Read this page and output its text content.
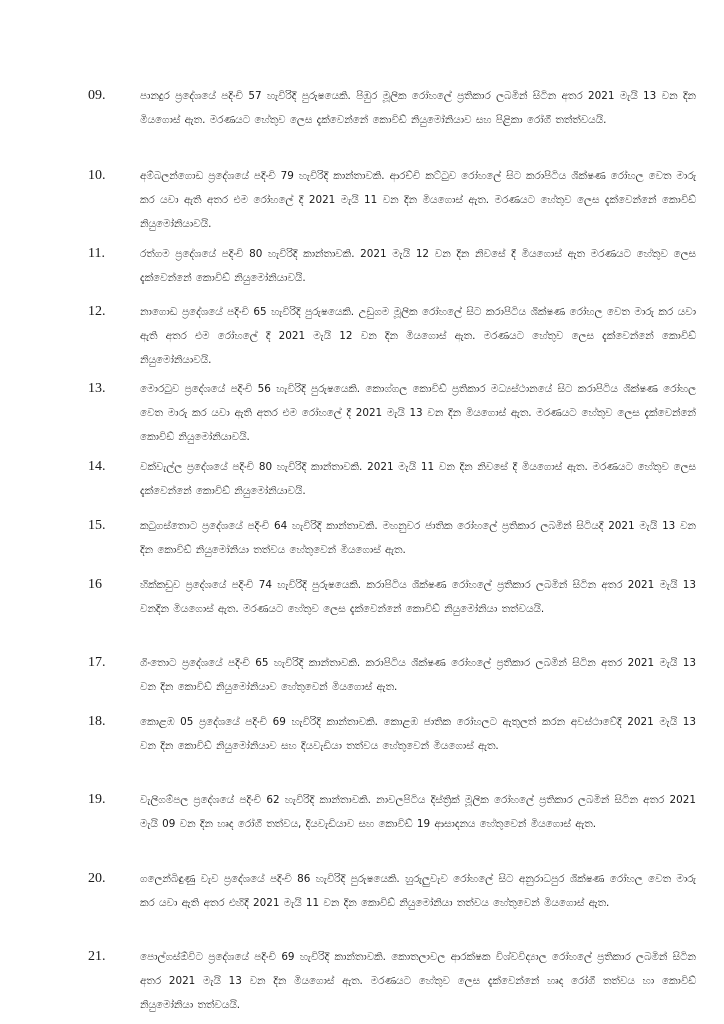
09.	පානදුර ප්‍රදේශයේ පදිංචි 57 හැවිරිදි පුරුෂයෙකි. පිඹුර මූලික රෝහලේ ප්‍රතිකාර ලබමින් සිටින අතර 2021 මැයි 13 වන දින මියගොස් ඇත. මරණයට හේතුව ලෙස දැක්වෙන්නේ කොවිඩ් නියුමෝනියාව සහ පිළිකා රෝගී තත්ත්වයයි.
10.	අම්බලන්ගොඩ ප්‍රදේශයේ පදිංචි 79 හැවිරිදි කාන්තාවකි. ආරච්චි කට්ටුව රෝහලේ සිට කරාපිටිය ශික්ෂණ රෝහල වෙත මාරු කර යවා ඇති අතර එම රෝහලේ දී 2021 මැයි 11 වන දින මියගොස් ඇත. මරණයට හේතුව ලෙස දැක්වෙන්නේ කොවිඩ් නියුමෝනියාවයි.
11.	රත්ගම ප්‍රදේශයේ පදිංචි 80 හැවිරිදි කාන්තාවකි. 2021 මැයි 12 වන දින නිවසේ දී මියගොස් ඇත මරණයට හේතුව ලෙස දැක්වෙන්නේ කොවිඩ් නියුමෝනියාවයි.
12.	නාගොඩ ප්‍රදේශයේ පදිංචි 65 හැවිරිදි පුරුෂයෙකි. උඩුගම මූලික රෝහලේ සිට කරාපිටිය ශික්ෂණ රෝහල වෙත මාරු කර යවා ඇති අතර එම රෝහලේ දී 2021 මැයි 12 වන දින මියගොස් ඇත. මරණයට හේතුව ලෙස දැක්වෙන්නේ කොවිඩ් නියුමෝනියාවයි.
13.	මොරටුව ප්‍රදේශයේ පදිංචි 56 හැවිරිදි පුරුෂයෙකි. කොග්ගල කොවිඩ් ප්‍රතිකාර මධ්‍යස්ථානයේ සිට කරාපිටිය ශික්ෂණ රෝහල වෙත මාරු කර යවා ඇති අතර එම රෝහලේ දී 2021 මැයි 13 වන දින මියගොස් ඇත. මරණයට හේතුව ලෙස දැක්වෙන්නේ කොවිඩ් නියුමෝනියාවයි.
14.	වක්වැල්ල ප්‍රදේශයේ පදිංචි 80 හැවිරිදි කාන්තාවකි. 2021 මැයි 11 වන දින නිවසේ දී මියගොස් ඇත. මරණයට හේතුව ලෙස දැක්වෙන්නේ කොවිඩ් නියුමෝනියාවයි.
15.	කටුගස්තොට ප්‍රදේශයේ පදිංචි 64 හැවිරිදි කාන්තාවකි. මහනුවර ජාතික රෝහලේ ප්‍රතිකාර ලබමින් සිටියදී 2021 මැයි 13 වන දින කොවිඩ් නියුමෝනියා තත්වය හේතුවෙන් මියගොස් ඇත.
16	හික්කඩුව ප්‍රදේශයේ පදිංචි 74 හැවිරිදි පුරුෂයෙකි. කරාපිටිය ශික්ෂණ රෝහලේ ප්‍රතිකාර ලබමින් සිටින අතර 2021 මැයි 13 වනදින මියගොස් ඇත. මරණයට හේතුව ලෙස දැක්වෙන්නේ කොවිඩ් නියුමෝනියා තත්වයයි.
17.	ගිංතොට ප්‍රදේශයේ පදිංචි 65 හැවිරිදි කාන්තාවකි. කරාපිටිය ශික්ෂණ රෝහලේ ප්‍රතිකාර ලබමින් සිටින අතර 2021 මැයි 13 වන දින කොවිඩ් නියුමෝනියාව හේතුවෙන් මියගොස් ඇත.
18.	කොළඹ 05 ප්‍රදේශයේ පදිංචි 69 හැවිරිදි කාන්තාවකි. කොළඹ ජාතික රෝහලට ඇතුලත් කරන අවස්ථාවේදී 2021 මැයි 13 වන දින කොවිඩ් නියුමෝනියාව සහ දියවැඩියා තත්වය හේතුවෙන් මියගොස් ඇත.
19.	වැලිගම්පල ප්‍රදේශයේ පදිංචි 62 හැවිරිදි කාන්තාවකි. නාවලපිටිය දිස්ත්‍රික් මූලික රෝහලේ ප්‍රතිකාර ලබමින් සිටින අතර 2021 මැයි 09 වන දින හෘද රෝගී තත්වය, දියවැඩියාව සහ කොවිඩ් 19 ආසාදනය හේතුවෙන් මියගොස් ඇත.
20.	ගලෙන්බිඳුණු වැව ප්‍රදේශයේ පදිංචි 86 හැවිරිදි පුරුෂයෙකි. හුරුලුවැව රෝහලේ සිට අනුරාධපුර ශික්ෂණ රෝහල වෙත මාරු කර යවා ඇති අතර එහිදී 2021 මැයි 11 වන දින කොවිඩ් නියුමෝනියා තත්වය හේතුවෙන් මියගොස් ඇත.
21.	පොල්ගස්ඕවිට ප්‍රදේශයේ පදිංචි 69 හැවිරිදි කාන්තාවකි. කොතලාවල ආරක්ෂක විශ්වවිද්‍යාල රෝහලේ ප්‍රතිකාර ලබමින් සිටින අතර 2021 මැයි 13 වන දින මියගොස් ඇත. මරණයට හේතුව ලෙස දැක්වෙන්නේ හෘද රෝගී තත්වය හා කොවිඩ් නියුමෝනියා තත්වයයි.
